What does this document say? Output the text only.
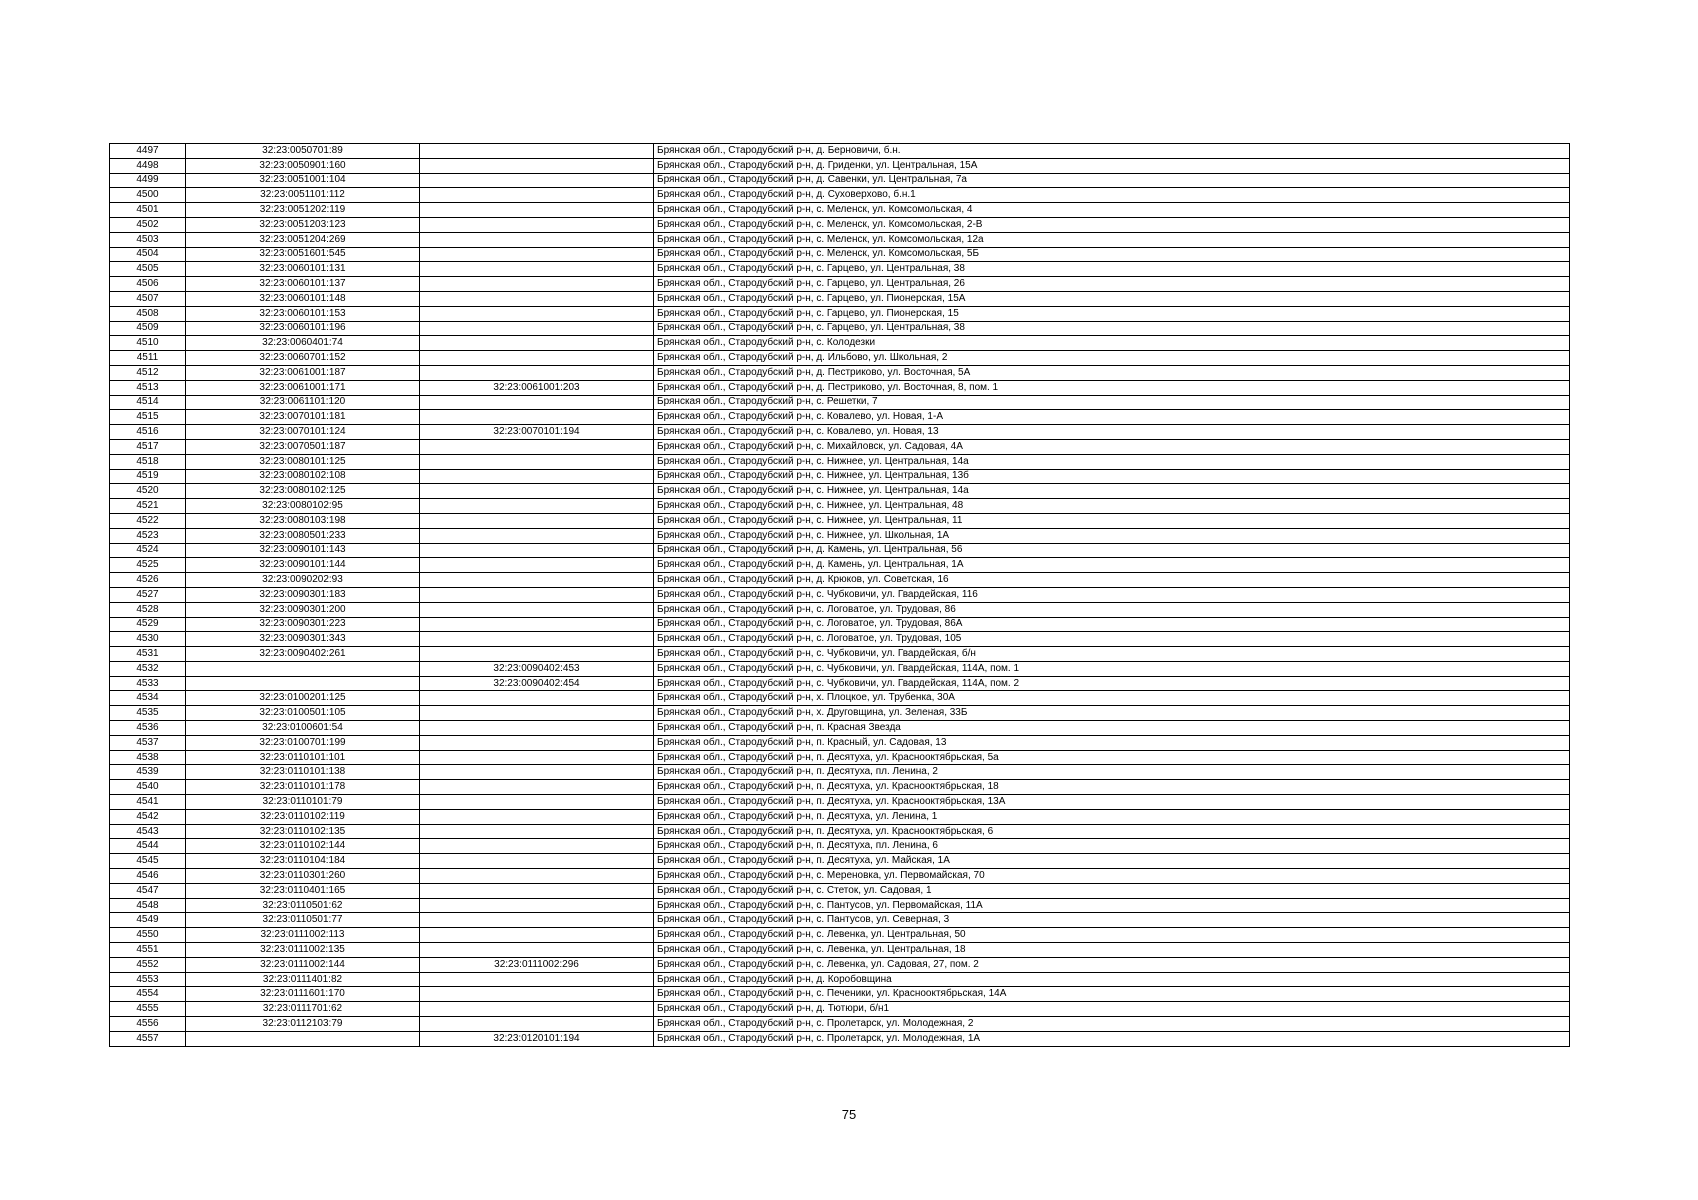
4497	32:23:0050701:89		Брянская обл., Стародубский р-н, д. Берновичи, б.н.
4498	32:23:0050901:160		Брянская обл., Стародубский р-н, д. Гриденки, ул. Центральная, 15А
4499	32:23:0051001:104		Брянская обл., Стародубский р-н, д. Савенки, ул. Центральная, 7а
4500	32:23:0051101:112		Брянская обл., Стародубский р-н, д. Суховерхово, б.н.1
4501	32:23:0051202:119		Брянская обл., Стародубский р-н, с. Меленск, ул. Комсомольская, 4
4502	32:23:0051203:123		Брянская обл., Стародубский р-н, с. Меленск, ул. Комсомольская, 2-В
4503	32:23:0051204:269		Брянская обл., Стародубский р-н, с. Меленск, ул. Комсомольская, 12а
4504	32:23:0051601:545		Брянская обл., Стародубский р-н, с. Меленск, ул. Комсомольская, 5Б
4505	32:23:0060101:131		Брянская обл., Стародубский р-н, с. Гарцево, ул. Центральная, 38
4506	32:23:0060101:137		Брянская обл., Стародубский р-н, с. Гарцево, ул. Центральная, 26
4507	32:23:0060101:148		Брянская обл., Стародубский р-н, с. Гарцево, ул. Пионерская, 15А
4508	32:23:0060101:153		Брянская обл., Стародубский р-н, с. Гарцево, ул. Пионерская, 15
4509	32:23:0060101:196		Брянская обл., Стародубский р-н, с. Гарцево, ул. Центральная, 38
4510	32:23:0060401:74		Брянская обл., Стародубский р-н, с. Колодезки
4511	32:23:0060701:152		Брянская обл., Стародубский р-н, д. Ильбово, ул. Школьная, 2
4512	32:23:0061001:187		Брянская обл., Стародубский р-н, д. Пестриково, ул. Восточная, 5А
4513	32:23:0061001:171	32:23:0061001:203	Брянская обл., Стародубский р-н, д. Пестриково, ул. Восточная, 8, пом. 1
4514	32:23:0061101:120		Брянская обл., Стародубский р-н, с. Решетки, 7
4515	32:23:0070101:181		Брянская обл., Стародубский р-н, с. Ковалево, ул. Новая, 1-А
4516	32:23:0070101:124	32:23:0070101:194	Брянская обл., Стародубский р-н, с. Ковалево, ул. Новая, 13
4517	32:23:0070501:187		Брянская обл., Стародубский р-н, с. Михайловск, ул. Садовая, 4А
4518	32:23:0080101:125		Брянская обл., Стародубский р-н, с. Нижнее, ул. Центральная, 14а
4519	32:23:0080102:108		Брянская обл., Стародубский р-н, с. Нижнее, ул. Центральная, 13б
4520	32:23:0080102:125		Брянская обл., Стародубский р-н, с. Нижнее, ул. Центральная, 14а
4521	32:23:0080102:95		Брянская обл., Стародубский р-н, с. Нижнее, ул. Центральная, 48
4522	32:23:0080103:198		Брянская обл., Стародубский р-н, с. Нижнее, ул. Центральная, 11
4523	32:23:0080501:233		Брянская обл., Стародубский р-н, с. Нижнее, ул. Школьная, 1А
4524	32:23:0090101:143		Брянская обл., Стародубский р-н, д. Камень, ул. Центральная, 56
4525	32:23:0090101:144		Брянская обл., Стародубский р-н, д. Камень, ул. Центральная, 1А
4526	32:23:0090202:93		Брянская обл., Стародубский р-н, д. Крюков, ул. Советская, 16
4527	32:23:0090301:183		Брянская обл., Стародубский р-н, с. Чубковичи, ул. Гвардейская, 116
4528	32:23:0090301:200		Брянская обл., Стародубский р-н, с. Логоватое, ул. Трудовая, 86
4529	32:23:0090301:223		Брянская обл., Стародубский р-н, с. Логоватое, ул. Трудовая, 86А
4530	32:23:0090301:343		Брянская обл., Стародубский р-н, с. Логоватое, ул. Трудовая, 105
4531	32:23:0090402:261		Брянская обл., Стародубский р-н, с. Чубковичи, ул. Гвардейская, б/н
4532		32:23:0090402:453	Брянская обл., Стародубский р-н, с. Чубковичи, ул. Гвардейская, 114А, пом. 1
4533		32:23:0090402:454	Брянская обл., Стародубский р-н, с. Чубковичи, ул. Гвардейская, 114А, пом. 2
4534	32:23:0100201:125		Брянская обл., Стародубский р-н, х. Плоцкое, ул. Трубенка, 30А
4535	32:23:0100501:105		Брянская обл., Стародубский р-н, х. Друговщина, ул. Зеленая, 33Б
4536	32:23:0100601:54		Брянская обл., Стародубский р-н, п. Красная Звезда
4537	32:23:0100701:199		Брянская обл., Стародубский р-н, п. Красный, ул. Садовая, 13
4538	32:23:0110101:101		Брянская обл., Стародубский р-н, п. Десятуха, ул. Краснооктябрьская, 5а
4539	32:23:0110101:138		Брянская обл., Стародубский р-н, п. Десятуха, пл. Ленина, 2
4540	32:23:0110101:178		Брянская обл., Стародубский р-н, п. Десятуха, ул. Краснооктябрьская, 18
4541	32:23:0110101:79		Брянская обл., Стародубский р-н, п. Десятуха, ул. Краснооктябрьская, 13А
4542	32:23:0110102:119		Брянская обл., Стародубский р-н, п. Десятуха, ул. Ленина, 1
4543	32:23:0110102:135		Брянская обл., Стародубский р-н, п. Десятуха, ул. Краснооктябрьская, 6
4544	32:23:0110102:144		Брянская обл., Стародубский р-н, п. Десятуха, пл. Ленина, 6
4545	32:23:0110104:184		Брянская обл., Стародубский р-н, п. Десятуха, ул. Майская, 1А
4546	32:23:0110301:260		Брянская обл., Стародубский р-н, с. Мереновка, ул. Первомайская, 70
4547	32:23:0110401:165		Брянская обл., Стародубский р-н, с. Стеток, ул. Садовая, 1
4548	32:23:0110501:62		Брянская обл., Стародубский р-н, с. Пантусов, ул. Первомайская, 11А
4549	32:23:0110501:77		Брянская обл., Стародубский р-н, с. Пантусов, ул. Северная, 3
4550	32:23:0111002:113		Брянская обл., Стародубский р-н, с. Левенка, ул. Центральная, 50
4551	32:23:0111002:135		Брянская обл., Стародубский р-н, с. Левенка, ул. Центральная, 18
4552	32:23:0111002:144	32:23:0111002:296	Брянская обл., Стародубский р-н, с. Левенка, ул. Садовая, 27, пом. 2
4553	32:23:0111401:82		Брянская обл., Стародубский р-н, д. Коробовщина
4554	32:23:0111601:170		Брянская обл., Стародубский р-н, с. Печеники, ул. Краснооктябрьская, 14А
4555	32:23:0111701:62		Брянская обл., Стародубский р-н, д. Тютюри, б/н1
4556	32:23:0112103:79		Брянская обл., Стародубский р-н, с. Пролетарск, ул. Молодежная, 2
4557		32:23:0120101:194	Брянская обл., Стародубский р-н, с. Пролетарск, ул. Молодежная, 1А
75
